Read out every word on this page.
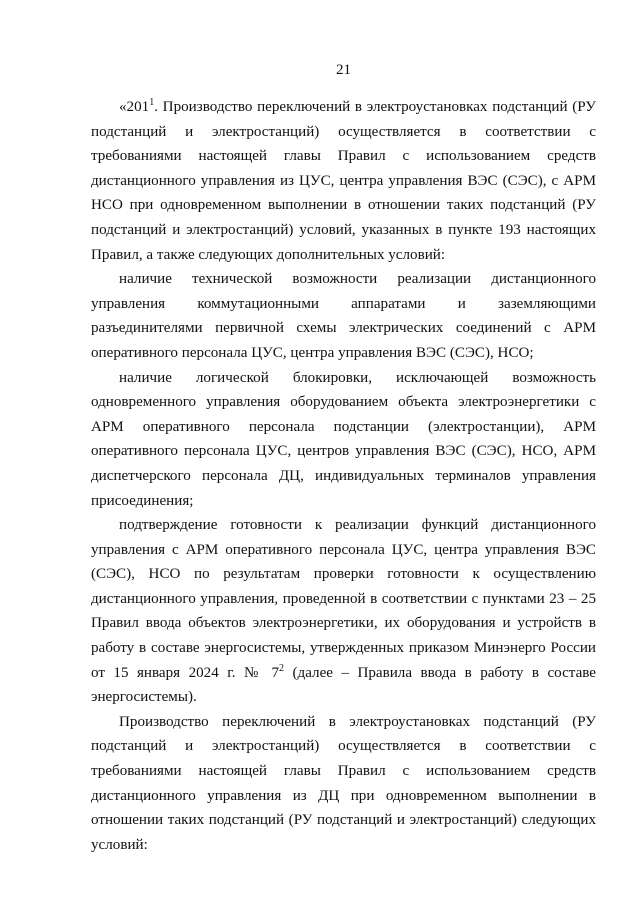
21

«$201^1$. Производство переключений в электроустановках подстанций (РУ подстанций и электростанций) осуществляется в соответствии с требованиями настоящей главы Правил с использованием средств дистанционного управления из ЦУС, центра управления ВЭС (СЭС), с АРМ НСО при одновременном выполнении в отношении таких подстанций (РУ подстанций и электростанций) условий, указанных в пункте 193 настоящих Правил, а также следующих дополнительных условий:

наличие технической возможности реализации дистанционного управления коммутационными аппаратами и заземляющими разъединителями первичной схемы электрических соединений с АРМ оперативного персонала ЦУС, центра управления ВЭС (СЭС), НСО;

наличие логической блокировки, исключающей возможность одновременного управления оборудованием объекта электроэнергетики с АРМ оперативного персонала подстанции (электростанции), АРМ оперативного персонала ЦУС, центров управления ВЭС (СЭС), НСО, АРМ диспетчерского персонала ДЦ, индивидуальных терминалов управления присоединения;

подтверждение готовности к реализации функций дистанционного управления с АРМ оперативного персонала ЦУС, центра управления ВЭС (СЭС), НСО по результатам проверки готовности к осуществлению дистанционного управления, проведенной в соответствии с пунктами 23 – 25 Правил ввода объектов электроэнергетики, их оборудования и устройств в работу в составе энергосистемы, утвержденных приказом Минэнерго России от 15 января 2024 г. № $7^2$ (далее – Правила ввода в работу в составе энергосистемы).

Производство переключений в электроустановках подстанций (РУ подстанций и электростанций) осуществляется в соответствии с требованиями настоящей главы Правил с использованием средств дистанционного управления из ДЦ при одновременном выполнении в отношении таких подстанций (РУ подстанций и электростанций) следующих условий:
